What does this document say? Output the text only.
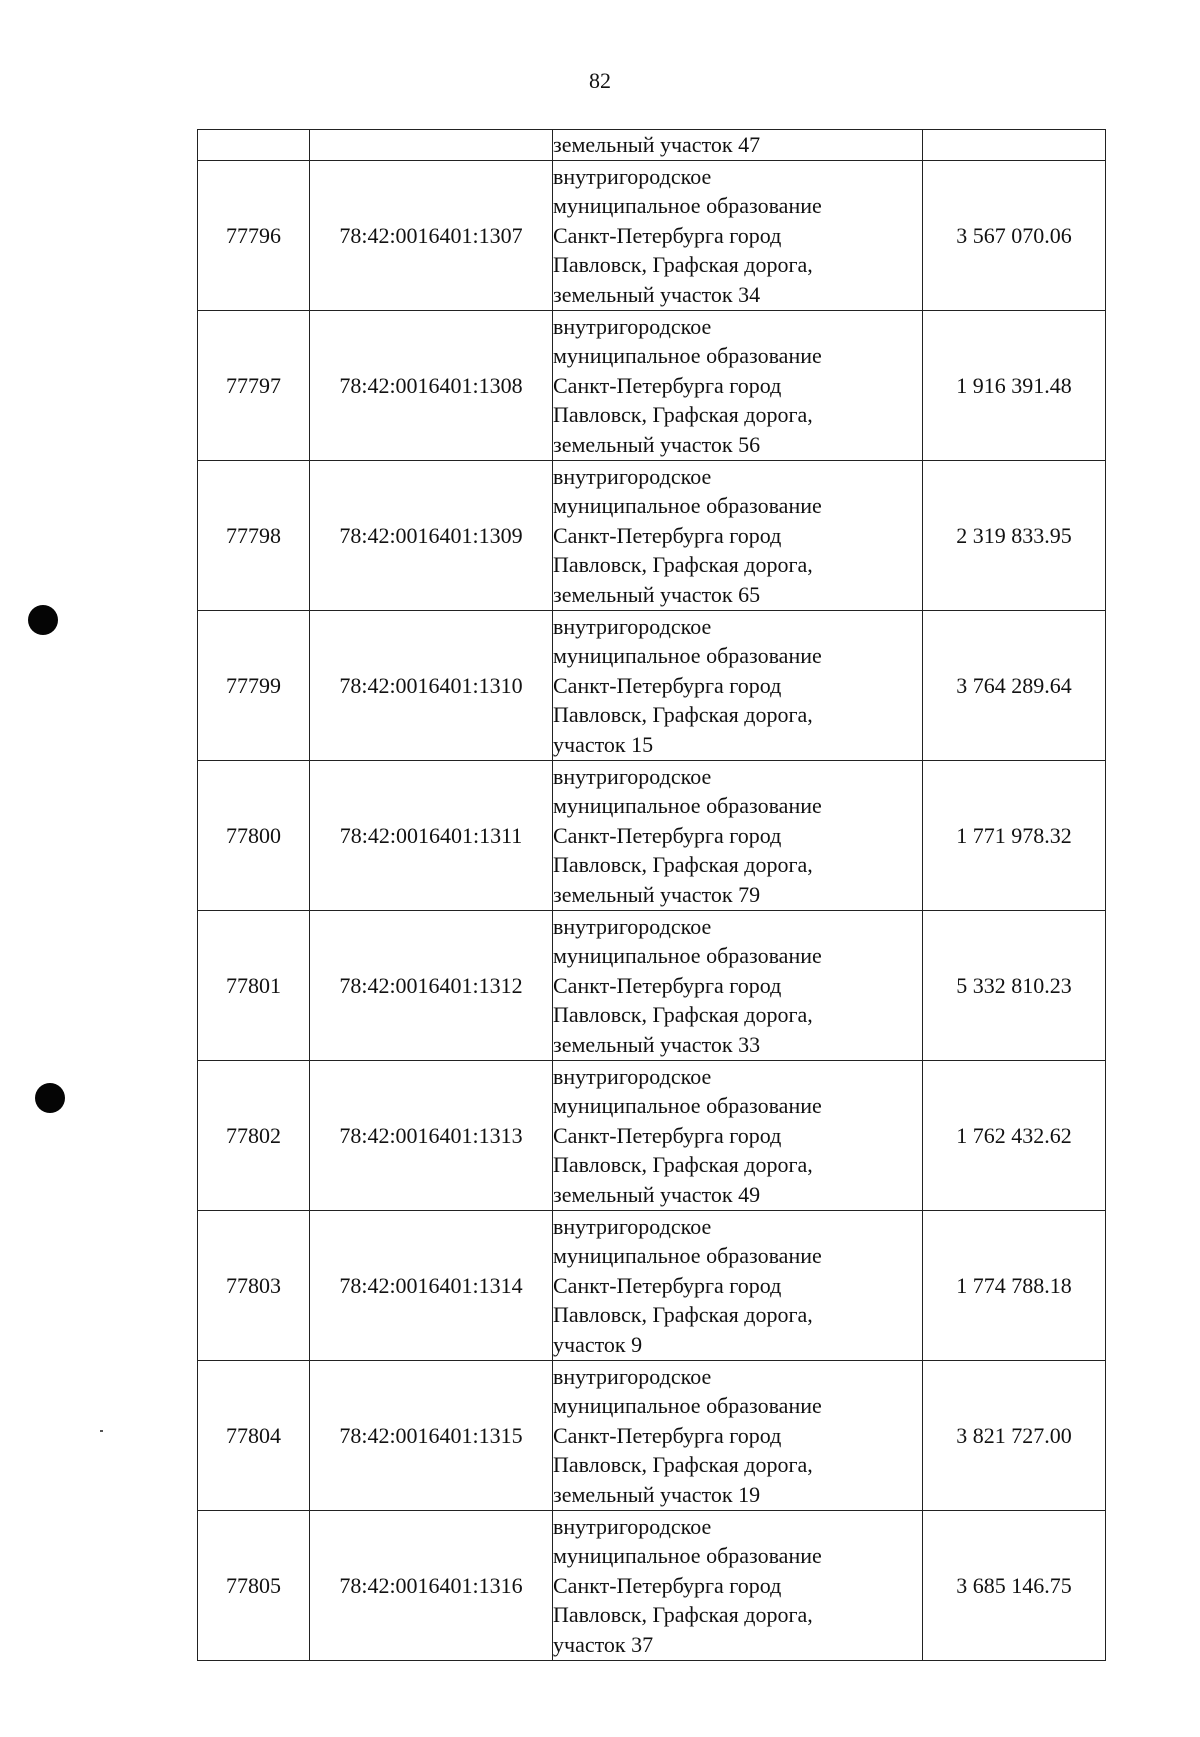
82
		земельный участок 47	
77796	78:42:0016401:1307	внутригородское
муниципальное образование
Санкт-Петербурга город
Павловск, Графская дорога,
земельный участок 34	3 567 070.06
77797	78:42:0016401:1308	внутригородское
муниципальное образование
Санкт-Петербурга город
Павловск, Графская дорога,
земельный участок 56	1 916 391.48
77798	78:42:0016401:1309	внутригородское
муниципальное образование
Санкт-Петербурга город
Павловск, Графская дорога,
земельный участок 65	2 319 833.95
77799	78:42:0016401:1310	внутригородское
муниципальное образование
Санкт-Петербурга город
Павловск, Графская дорога,
участок 15	3 764 289.64
77800	78:42:0016401:1311	внутригородское
муниципальное образование
Санкт-Петербурга город
Павловск, Графская дорога,
земельный участок 79	1 771 978.32
77801	78:42:0016401:1312	внутригородское
муниципальное образование
Санкт-Петербурга город
Павловск, Графская дорога,
земельный участок 33	5 332 810.23
77802	78:42:0016401:1313	внутригородское
муниципальное образование
Санкт-Петербурга город
Павловск, Графская дорога,
земельный участок 49	1 762 432.62
77803	78:42:0016401:1314	внутригородское
муниципальное образование
Санкт-Петербурга город
Павловск, Графская дорога,
участок 9	1 774 788.18
77804	78:42:0016401:1315	внутригородское
муниципальное образование
Санкт-Петербурга город
Павловск, Графская дорога,
земельный участок 19	3 821 727.00
77805	78:42:0016401:1316	внутригородское
муниципальное образование
Санкт-Петербурга город
Павловск, Графская дорога,
участок 37	3 685 146.75
